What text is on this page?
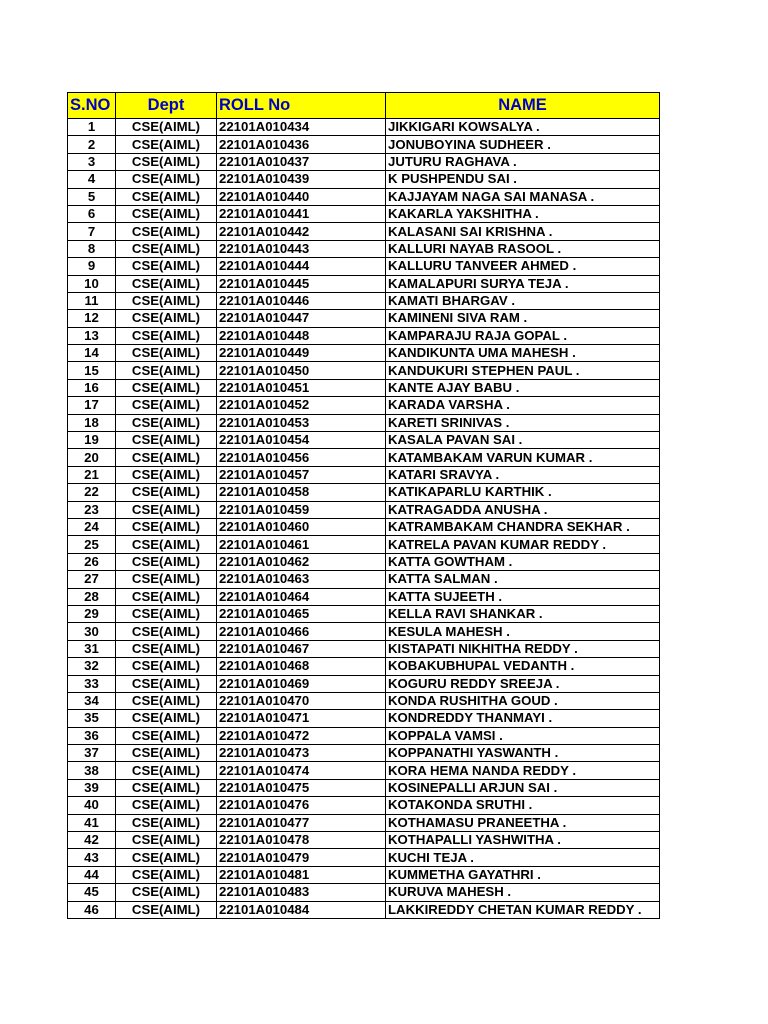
S.NO	Dept	ROLL No	NAME
1	CSE(AIML)	22101A010434	JIKKIGARI KOWSALYA .
2	CSE(AIML)	22101A010436	JONUBOYINA SUDHEER .
3	CSE(AIML)	22101A010437	JUTURU RAGHAVA .
4	CSE(AIML)	22101A010439	K PUSHPENDU SAI .
5	CSE(AIML)	22101A010440	KAJJAYAM NAGA SAI MANASA .
6	CSE(AIML)	22101A010441	KAKARLA YAKSHITHA .
7	CSE(AIML)	22101A010442	KALASANI SAI KRISHNA .
8	CSE(AIML)	22101A010443	KALLURI NAYAB RASOOL .
9	CSE(AIML)	22101A010444	KALLURU TANVEER AHMED .
10	CSE(AIML)	22101A010445	KAMALAPURI SURYA TEJA .
11	CSE(AIML)	22101A010446	KAMATI BHARGAV .
12	CSE(AIML)	22101A010447	KAMINENI SIVA RAM .
13	CSE(AIML)	22101A010448	KAMPARAJU RAJA GOPAL .
14	CSE(AIML)	22101A010449	KANDIKUNTA UMA MAHESH .
15	CSE(AIML)	22101A010450	KANDUKURI STEPHEN PAUL .
16	CSE(AIML)	22101A010451	KANTE AJAY BABU .
17	CSE(AIML)	22101A010452	KARADA VARSHA .
18	CSE(AIML)	22101A010453	KARETI SRINIVAS .
19	CSE(AIML)	22101A010454	KASALA PAVAN SAI .
20	CSE(AIML)	22101A010456	KATAMBAKAM VARUN KUMAR .
21	CSE(AIML)	22101A010457	KATARI SRAVYA .
22	CSE(AIML)	22101A010458	KATIKAPARLU KARTHIK .
23	CSE(AIML)	22101A010459	KATRAGADDA ANUSHA .
24	CSE(AIML)	22101A010460	KATRAMBAKAM CHANDRA SEKHAR .
25	CSE(AIML)	22101A010461	KATRELA PAVAN KUMAR REDDY .
26	CSE(AIML)	22101A010462	KATTA GOWTHAM .
27	CSE(AIML)	22101A010463	KATTA SALMAN .
28	CSE(AIML)	22101A010464	KATTA SUJEETH .
29	CSE(AIML)	22101A010465	KELLA RAVI SHANKAR .
30	CSE(AIML)	22101A010466	KESULA MAHESH .
31	CSE(AIML)	22101A010467	KISTAPATI NIKHITHA REDDY .
32	CSE(AIML)	22101A010468	KOBAKUBHUPAL VEDANTH .
33	CSE(AIML)	22101A010469	KOGURU REDDY SREEJA .
34	CSE(AIML)	22101A010470	KONDA RUSHITHA GOUD .
35	CSE(AIML)	22101A010471	KONDREDDY THANMAYI .
36	CSE(AIML)	22101A010472	KOPPALA VAMSI .
37	CSE(AIML)	22101A010473	KOPPANATHI YASWANTH .
38	CSE(AIML)	22101A010474	KORA HEMA NANDA REDDY .
39	CSE(AIML)	22101A010475	KOSINEPALLI ARJUN SAI .
40	CSE(AIML)	22101A010476	KOTAKONDA SRUTHI .
41	CSE(AIML)	22101A010477	KOTHAMASU PRANEETHA .
42	CSE(AIML)	22101A010478	KOTHAPALLI YASHWITHA .
43	CSE(AIML)	22101A010479	KUCHI TEJA .
44	CSE(AIML)	22101A010481	KUMMETHA GAYATHRI .
45	CSE(AIML)	22101A010483	KURUVA MAHESH .
46	CSE(AIML)	22101A010484	LAKKIREDDY CHETAN KUMAR REDDY .
